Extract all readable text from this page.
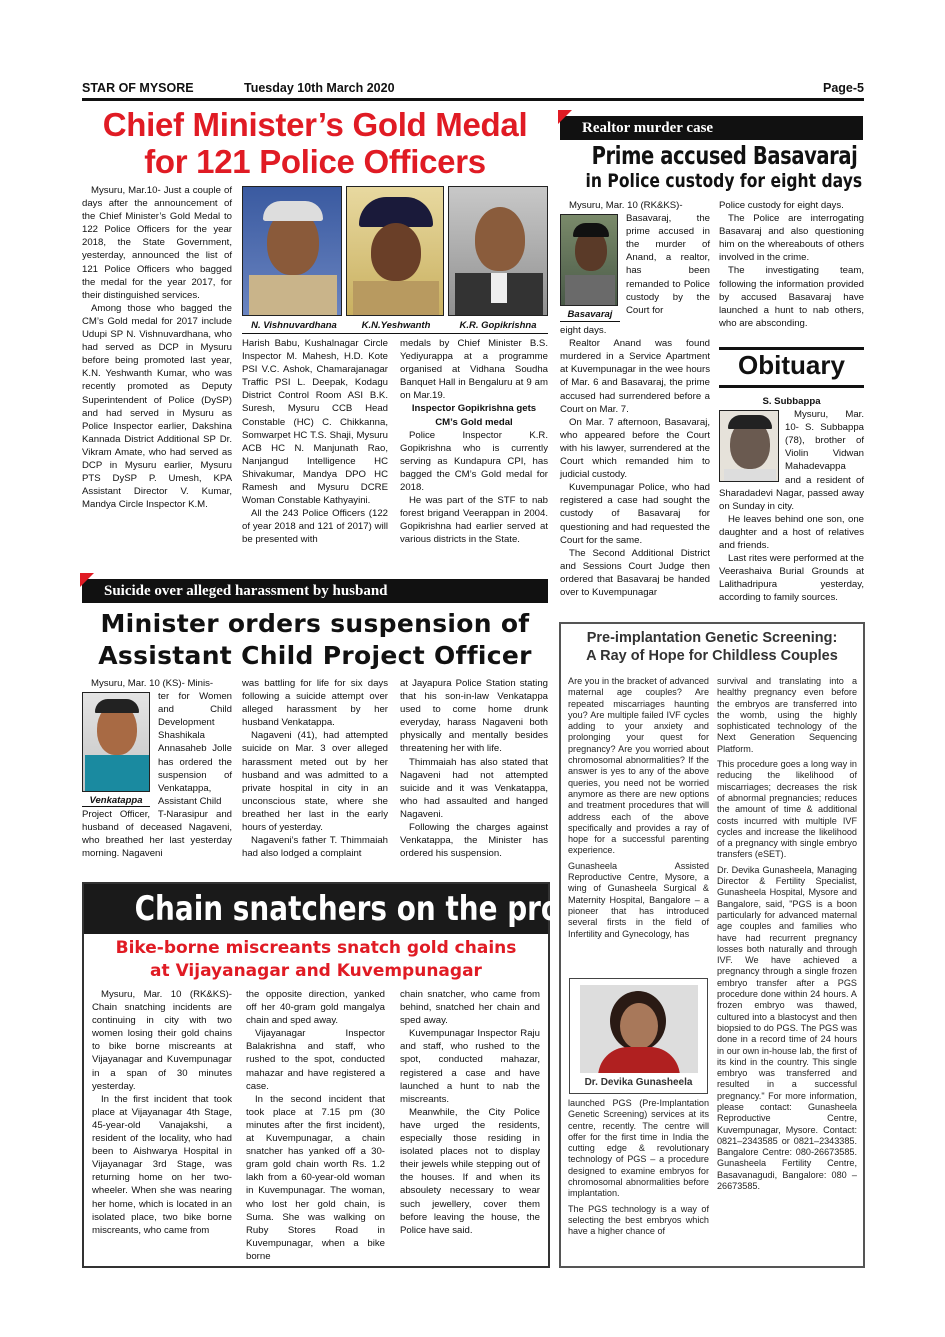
STAR OF MYSORE	Tuesday 10th March 2020	Page-5
Chief Minister’s Gold Medal
for 121 Police Officers

Mysuru, Mar.10- Just a couple of days after the announcement of the Chief Minister’s Gold Medal to 122 Police Officers for the year 2018, the State Government, yesterday, announced the list of 121 Police Officers who bagged the medal for the year 2017, for their distinguished services.

Among those who bagged the CM’s Gold medal for 2017 include Udupi SP N. Vishnuvardhana, who had served as DCP in Mysuru before being promoted last year, K.N. Yeshwanth Kumar, who was recently promoted as Deputy Superintendent of Police (DySP) and had served in Mysuru as Police Inspector earlier, Dakshina Kannada District Additional SP Dr. Vikram Amate, who had served as DCP in Mysuru earlier, Mysuru PTS DySP P. Umesh, KPA Assistant Director V. Kumar, Mandya Circle Inspector K.M.

N. Vishnuvardhana	K.N.Yeshwanth	K.R. Gopikrishna

Harish Babu, Kushalnagar Circle Inspector M. Mahesh, H.D. Kote PSI V.C. Ashok, Chamarajanagar Traffic PSI L. Deepak, Kodagu District Control Room ASI B.K. Suresh, Mysuru CCB Head Constable (HC) C. Chikkanna, Somwarpet HC T.S. Shaji, Mysuru ACB HC N. Manjunath Rao, Nanjangud Intelligence HC Shivakumar, Mandya DPO HC Ramesh and Mysuru DCRE Woman Constable Kathyayini.

All the 243 Police Officers (122 of year 2018 and 121 of 2017) will be presented with

medals by Chief Minister B.S. Yediyurappa at a programme organised at Vidhana Soudha Banquet Hall in Bengaluru at 9 am on Mar.19.

Inspector Gopikrishna gets CM’s Gold medal

Police Inspector K.R. Gopikrishna who is currently serving as Kundapura CPI, has bagged the CM’s Gold medal for 2018.

He was part of the STF to nab forest brigand Veerappan in 2004. Gopikrishna had earlier served at various districts in the State.

Realtor murder case
Prime accused Basavaraj
in Police custody for eight days

Mysuru, Mar. 10 (RK&KS)-

Basavaraj

Basavaraj, the prime accused in the murder of Anand, a realtor, has been remanded to Police custody by the Court for

eight days.

Realtor Anand was found murdered in a Service Apartment at Kuvempunagar in the wee hours of Mar. 6 and Basavaraj, the prime accused had surrendered before a Court on Mar. 7.

On Mar. 7 afternoon, Basavaraj, who appeared before the Court with his lawyer, surrendered at the Court which remanded him to judicial custody.

Kuvempunagar Police, who had registered a case had sought the custody of Basavaraj for questioning and had requested the Court for the same.

The Second Additional District and Sessions Court Judge then ordered that Basavaraj be handed over to Kuvempunagar

Police custody for eight days.

The Police are interrogating Basavaraj and also questioning him on the whereabouts of others involved in the crime.

The investigating team, following the information provided by accused Basavaraj have launched a hunt to nab others, who are absconding.

Obituary

S. Subbappa

Mysuru, Mar. 10- S. Subbappa (78), brother of Violin Vidwan Mahadevappa and a resident of Sharadadevi Nagar, passed away on Sunday in city.

He leaves behind one son, one daughter and a host of relatives and friends.

Last rites were performed at the Veerashaiva Burial Grounds at Lalithadripura yesterday, according to family sources.

Suicide over alleged harassment by husband
Minister orders suspension of
Assistant Child Project Officer

Mysuru, Mar. 10 (KS)- Minis-

Venkatappa

ter for Women and Child Development Shashikala Annasaheb Jolle has ordered the suspension of Venkatappa, Assistant Child

Project Officer, T-Narasipur and husband of deceased Nagaveni, who breathed her last yesterday morning. Nagaveni

was battling for life for six days following a suicide attempt over alleged harassment by her husband Venkatappa.

Nagaveni (41), had attempted suicide on Mar. 3 over alleged harassment meted out by her husband and was admitted to a private hospital in city in an unconscious state, where she breathed her last in the early hours of yesterday.

Nagaveni’s father T. Thimmaiah had also lodged a complaint

at Jayapura Police Station stating that his son-in-law Venkatappa used to come home drunk everyday, harass Nagaveni both physically and mentally besides threatening her with life.

Thimmaiah has also stated that Nagaveni had not attempted suicide and it was Venkatappa, who had assaulted and hanged Nagaveni.

Following the charges against Venkatappa, the Minister has ordered his suspension.

Chain snatchers on the prowl
Bike-borne miscreants snatch gold chains
at Vijayanagar and Kuvempunagar

Mysuru, Mar. 10 (RK&KS)- Chain snatching incidents are continuing in city with two women losing their gold chains to bike borne miscreants at Vijayanagar and Kuvempunagar in a span of 30 minutes yesterday.

In the first incident that took place at Vijayanagar 4th Stage, 45-year-old Vanajakshi, a resident of the locality, who had been to Aishwarya Hospital in Vijayanagar 3rd Stage, was returning home on her two-wheeler. When she was nearing her home, which is located in an isolated place, two bike borne miscreants, who came from

the opposite direction, yanked off her 40-gram gold mangalya chain and sped away.

Vijayanagar Inspector Balakrishna and staff, who rushed to the spot, conducted mahazar and have registered a case.

In the second incident that took place at 7.15 pm (30 minutes after the first incident), at Kuvempunagar, a chain snatcher has yanked off a 30-gram gold chain worth Rs. 1.2 lakh from a 60-year-old woman in Kuvempunagar. The woman, who lost her gold chain, is Suma. She was walking on Ruby Stores Road in Kuvempunagar, when a bike borne

chain snatcher, who came from behind, snatched her chain and sped away.

Kuvempunagar Inspector Raju and staff, who rushed to the spot, conducted mahazar, registered a case and have launched a hunt to nab the miscreants.

Meanwhile, the City Police have urged the residents, especially those residing in isolated places not to display their jewels while stepping out of the houses. If and when its absoulety necessary to wear such jewellery, cover them before leaving the house, the Police have said.

Pre-implantation Genetic Screening:
A Ray of Hope for Childless Couples

Are you in the bracket of advanced maternal age couples? Are repeated miscarriages haunting you? Are multiple failed IVF cycles adding to your anxiety and prolonging your quest for pregnancy? Are you worried about chromosomal abnormalities? If the answer is yes to any of the above queries, you need not be worried anymore as there are new options and treatment procedures that will address each of the above specifically and provides a ray of hope for a successful parenting experience.

Gunasheela Assisted Reproductive Centre, Mysore, a wing of Gunasheela Surgical & Maternity Hospital, Bangalore – a pioneer that has introduced several firsts in the field of Infertility and Gynecology, has

Dr. Devika Gunasheela

launched PGS (Pre-Implantation Genetic Screening) services at its centre, recently. The centre will offer for the first time in India the cutting edge & revolutionary technology of PGS – a procedure designed to examine embryos for chromosomal abnormalities before implantation.

The PGS technology is a way of selecting the best embryos which have a higher chance of

survival and translating into a healthy pregnancy even before the embryos are transferred into the womb, using the highly sophisticated technology of the Next Generation Sequencing Platform.

This procedure goes a long way in reducing the likelihood of miscarriages; decreases the risk of abnormal pregnancies; reduces the amount of time & additional costs incurred with multiple IVF cycles and increase the likelihood of a pregnancy with single embryo transfers (eSET).

Dr. Devika Gunasheela, Managing Director & Fertility Specialist, Gunasheela Hospital, Mysore and Bangalore, said, "PGS is a boon particularly for advanced maternal age couples and families who have had recurrent pregnancy losses both naturally and through IVF. We have achieved a pregnancy through a single frozen embryo transfer after a PGS procedure done within 24 hours. A frozen embryo was thawed, cultured into a blastocyst and then biopsied to do PGS. The PGS was done in a record time of 24 hours in our own in-house lab, the first of its kind in the country. This single embryo was transferred and resulted in a successful pregnancy." For more information, please contact: Gunasheela Reproductive Centre, Kuvempunagar, Mysore. Contact: 0821–2343585 or 0821–2343385. Bangalore Centre: 080-26673585. Gunasheela Fertility Centre, Basavanagudi, Bangalore: 080 – 26673585.
